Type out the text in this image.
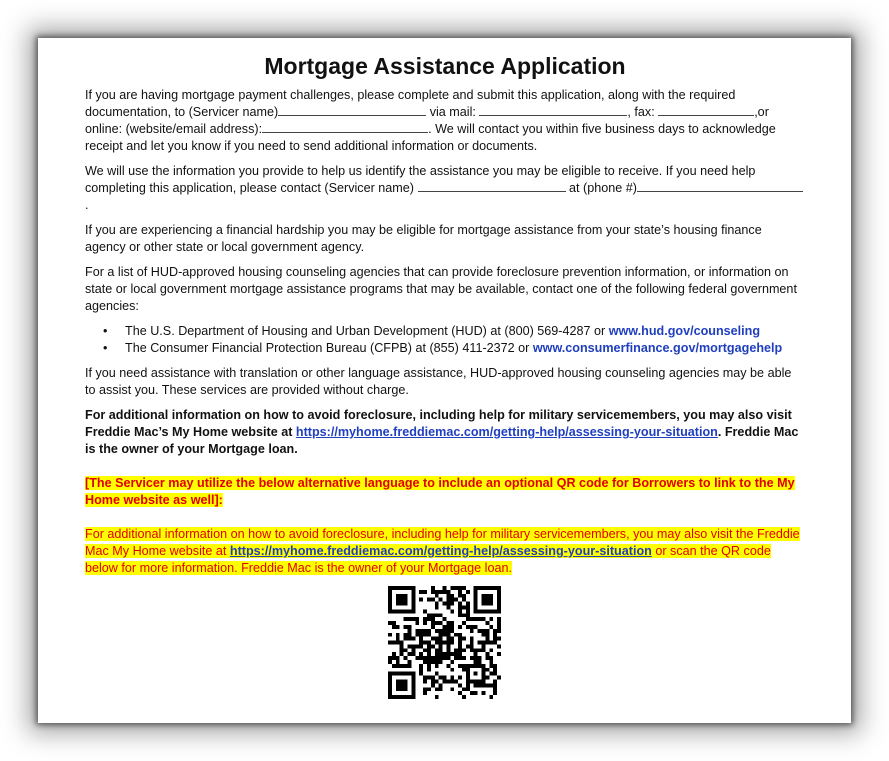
Mortgage Assistance Application

If you are having mortgage payment challenges, please complete and submit this application, along with the required documentation, to (Servicer name)	via mail:	, fax:	,or online: (website/email address):	. We will contact you within five business days to acknowledge receipt and let you know if you need to send additional information or documents.

We will use the information you provide to help us identify the assistance you may be eligible to receive. If you need help completing this application, please contact (Servicer name)	at (phone #).

If you are experiencing a financial hardship you may be eligible for mortgage assistance from your state’s housing finance agency or other state or local government agency.

For a list of HUD-approved housing counseling agencies that can provide foreclosure prevention information, or information on state or local government mortgage assistance programs that may be available, contact one of the following federal government agencies:

• The U.S. Department of Housing and Urban Development (HUD) at (800) 569-4287 or www.hud.gov/counseling
• The Consumer Financial Protection Bureau (CFPB) at (855) 411-2372 or www.consumerfinance.gov/mortgagehelp

If you need assistance with translation or other language assistance, HUD-approved housing counseling agencies may be able to assist you. These services are provided without charge.

For additional information on how to avoid foreclosure, including help for military servicemembers, you may also visit Freddie Mac’s My Home website at https://myhome.freddiemac.com/getting-help/assessing-your-situation. Freddie Mac is the owner of your Mortgage loan.

[The Servicer may utilize the below alternative language to include an optional QR code for Borrowers to link to the My Home website as well]:

For additional information on how to avoid foreclosure, including help for military servicemembers, you may also visit the Freddie Mac My Home website at https://myhome.freddiemac.com/getting-help/assessing-your-situation or scan the QR code below for more information. Freddie Mac is the owner of your Mortgage loan.
